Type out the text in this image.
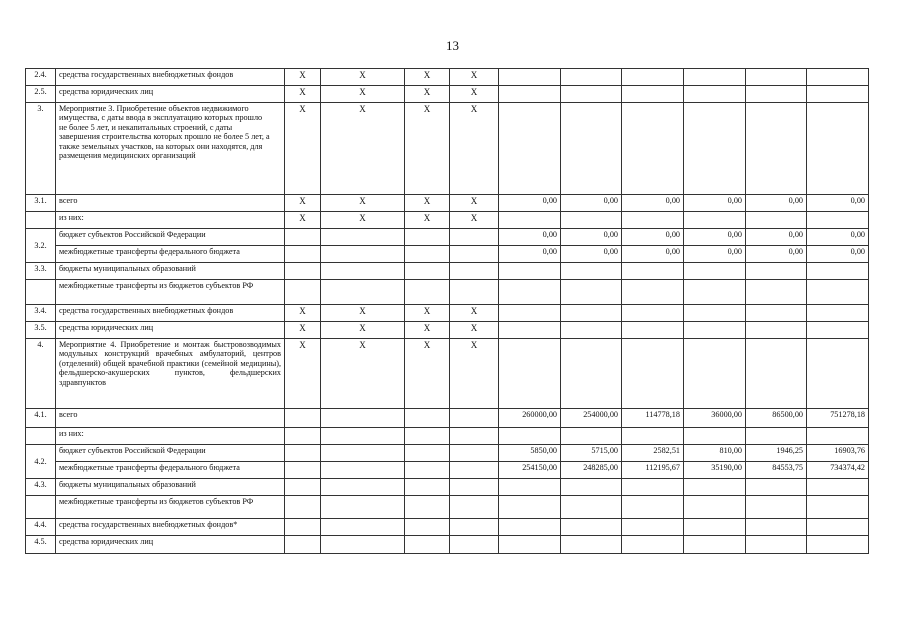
13
2.4.	средства государственных внебюджетных фондов	X	X	X	X						
2.5.	средства юридических лиц	X	X	X	X						
3.	Мероприятие 3. Приобретение объектов недвижимого имущества, с даты ввода в эксплуатацию которых прошло не более 5 лет, и некапитальных строений, с даты завершения строительства которых прошло не более 5 лет, а также земельных участков, на которых они находятся, для размещения медицинских организаций	X	X	X	X						
3.1.	всего	X	X	X	X	0,00	0,00	0,00	0,00	0,00	0,00
	из них:	X	X	X	X						
3.2.	бюджет субъектов Российской Федерации					0,00	0,00	0,00	0,00	0,00	0,00
	межбюджетные трансферты федерального бюджета					0,00	0,00	0,00	0,00	0,00	0,00
3.3.	бюджеты муниципальных образований										
	межбюджетные трансферты из бюджетов субъектов РФ										
3.4.	средства государственных внебюджетных фондов	X	X	X	X						
3.5.	средства юридических лиц	X	X	X	X						
4.	Мероприятие 4. Приобретение и монтаж быстровозводимых модульных конструкций врачебных амбулаторий, центров (отделений) общей врачебной практики (семейной медицины), фельдшерско-акушерских пунктов, фельдшерских здравпунктов	X	X	X	X						
4.1.	всего					260000,00	254000,00	114778,18	36000,00	86500,00	751278,18
	из них:										
4.2.	бюджет субъектов Российской Федерации					5850,00	5715,00	2582,51	810,00	1946,25	16903,76
	межбюджетные трансферты федерального бюджета					254150,00	248285,00	112195,67	35190,00	84553,75	734374,42
4.3.	бюджеты муниципальных образований										
	межбюджетные трансферты из бюджетов субъектов РФ										
4.4.	средства государственных внебюджетных фондов*										
4.5.	средства юридических лиц										
